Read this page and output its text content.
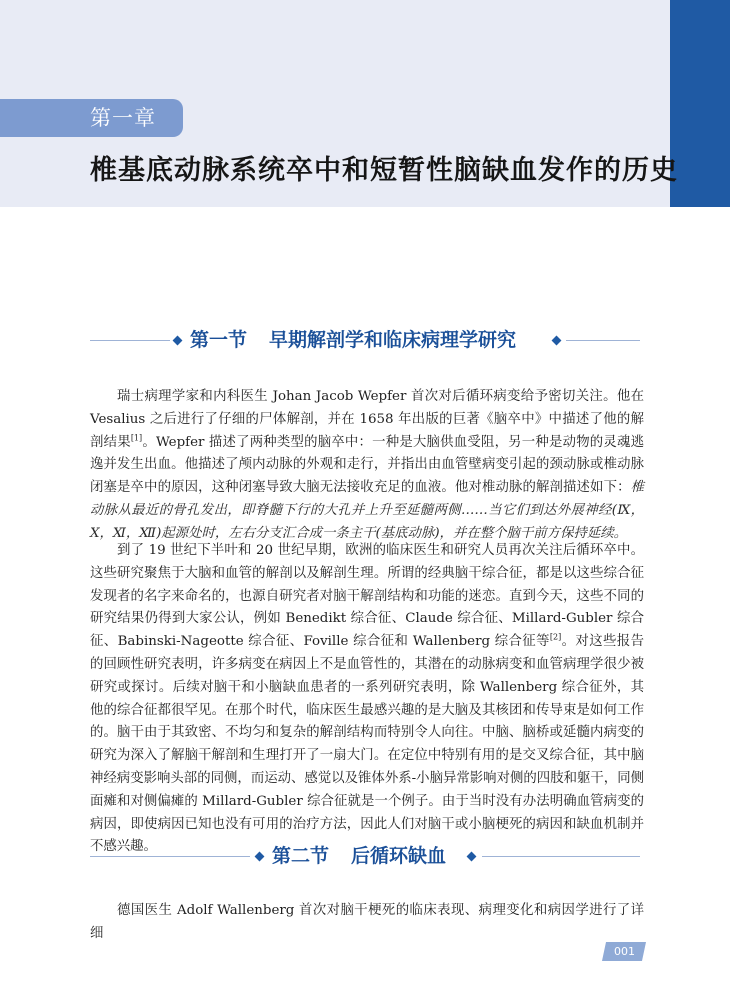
第一章
椎基底动脉系统卒中和短暂性脑缺血发作的历史
第一节 早期解剖学和临床病理学研究

瑞士病理学家和内科医生 Johan Jacob Wepfer 首次对后循环病变给予密切关注。他在 Vesalius 之后进行了仔细的尸体解剖，并在 1658 年出版的巨著《脑卒中》中描述了他的解剖结果[1]。Wepfer 描述了两种类型的脑卒中：一种是大脑供血受阻，另一种是动物的灵魂逃逸并发生出血。他描述了颅内动脉的外观和走行，并指出由血管壁病变引起的颈动脉或椎动脉闭塞是卒中的原因，这种闭塞导致大脑无法接收充足的血液。他对椎动脉的解剖描述如下：椎动脉从最近的骨孔发出，即脊髓下行的大孔并上升至延髓两侧……当它们到达外展神经(Ⅸ，Ⅹ，Ⅺ，Ⅻ)起源处时，左右分支汇合成一条主干(基底动脉)，并在整个脑干前方保持延续。

到了 19 世纪下半叶和 20 世纪早期，欧洲的临床医生和研究人员再次关注后循环卒中。这些研究聚焦于大脑和血管的解剖以及解剖生理。所谓的经典脑干综合征，都是以这些综合征发现者的名字来命名的，也源自研究者对脑干解剖结构和功能的迷恋。直到今天，这些不同的研究结果仍得到大家公认，例如 Benedikt 综合征、Claude 综合征、Millard-Gubler 综合征、Babinski-Nageotte 综合征、Foville 综合征和 Wallenberg 综合征等[2]。对这些报告的回顾性研究表明，许多病变在病因上不是血管性的，其潜在的动脉病变和血管病理学很少被研究或探讨。后续对脑干和小脑缺血患者的一系列研究表明，除 Wallenberg 综合征外，其他的综合征都很罕见。在那个时代，临床医生最感兴趣的是大脑及其核团和传导束是如何工作的。脑干由于其致密、不均匀和复杂的解剖结构而特别令人向往。中脑、脑桥或延髓内病变的研究为深入了解脑干解剖和生理打开了一扇大门。在定位中特别有用的是交叉综合征，其中脑神经病变影响头部的同侧，而运动、感觉以及锥体外系-小脑异常影响对侧的四肢和躯干，同侧面瘫和对侧偏瘫的 Millard-Gubler 综合征就是一个例子。由于当时没有办法明确血管病变的病因，即使病因已知也没有可用的治疗方法，因此人们对脑干或小脑梗死的病因和缺血机制并不感兴趣。	第二节 后循环缺血

德国医生 Adolf Wallenberg 首次对脑干梗死的临床表现、病理变化和病因学进行了详细

001
